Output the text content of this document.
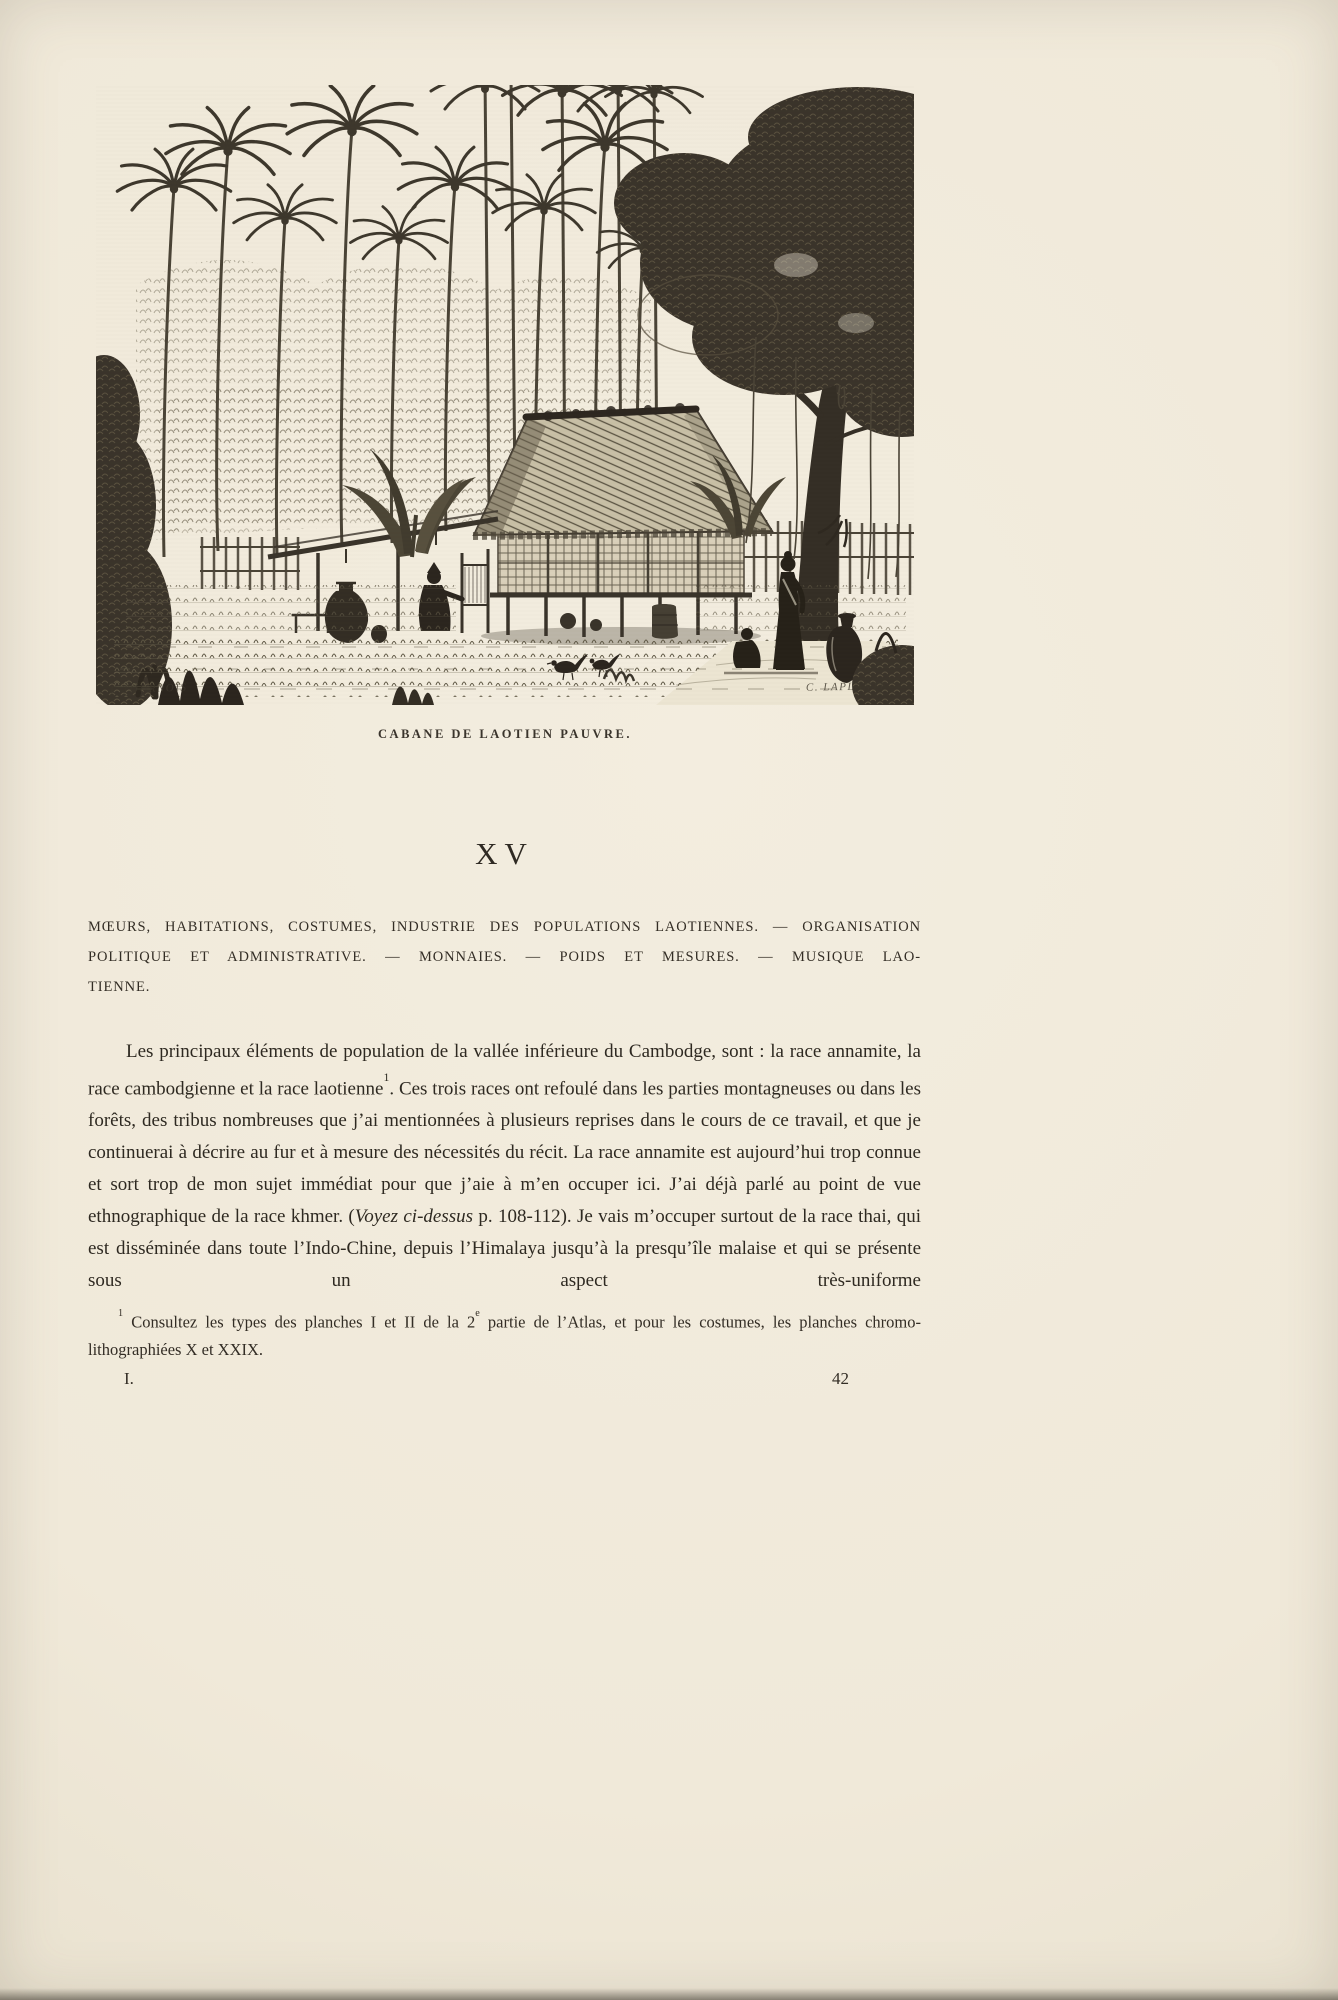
E.TOURNOIS	C. LAPLANTE
CABANE DE LAOTIEN PAUVRE.
XV
MŒURS, HABITATIONS, COSTUMES, INDUSTRIE DES POPULATIONS LAOTIENNES. — ORGANISATION
POLITIQUE ET ADMINISTRATIVE. — MONNAIES. — POIDS ET MESURES. — MUSIQUE LAO-
TIENNE.

Les principaux éléments de population de la vallée inférieure du Cambodge, sont : la race annamite, la race cambodgienne et la race laotienne$^1$. Ces trois races ont refoulé dans les parties montagneuses ou dans les forêts, des tribus nombreuses que j’ai mentionnées à plusieurs reprises dans le cours de ce travail, et que je continuerai à décrire au fur et à mesure des nécessités du récit. La race annamite est aujourd’hui trop connue et sort trop de mon sujet immédiat pour que j’aie à m’en occuper ici. J’ai déjà parlé au point de vue ethnographique de la race khmer. (Voyez ci-dessus p. 108-112). Je vais m’occuper surtout de la race thai, qui est disséminée dans toute l’Indo-Chine, depuis l’Himalaya jusqu’à la presqu’île malaise et qui se présente sous un aspect très-uniforme

$^1$ Consultez les types des planches I et II de la 2e partie de l’Atlas, et pour les costumes, les planches chromo-lithographiées X et XXIX.

I.	42
